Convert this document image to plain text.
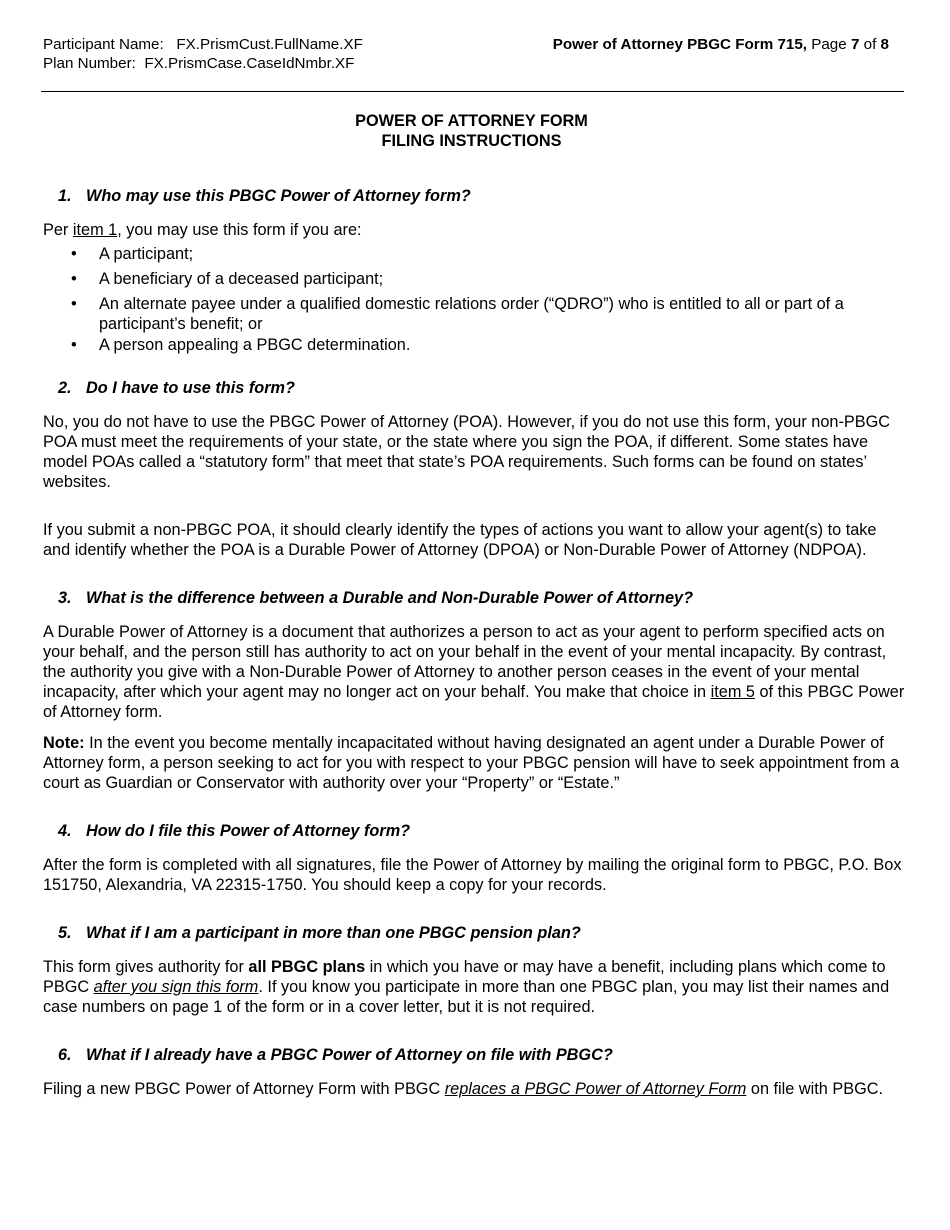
Participant Name: FX.PrismCust.FullName.XF
Plan Number: FX.PrismCase.CaseIdNmbr.XF
Power of Attorney PBGC Form 715, Page 7 of 8
POWER OF ATTORNEY FORM
FILING INSTRUCTIONS
1. Who may use this PBGC Power of Attorney form?

Per item 1, you may use this form if you are:

• A participant;
• A beneficiary of a deceased participant;
• An alternate payee under a qualified domestic relations order (“QDRO”) who is entitled to all or part of a participant’s benefit; or
• A person appealing a PBGC determination.
2. Do I have to use this form?

No, you do not have to use the PBGC Power of Attorney (POA). However, if you do not use this form, your non-PBGC POA must meet the requirements of your state, or the state where you sign the POA, if different. Some states have model POAs called a “statutory form” that meet that state’s POA requirements. Such forms can be found on states’ websites.

If you submit a non-PBGC POA, it should clearly identify the types of actions you want to allow your agent(s) to take and identify whether the POA is a Durable Power of Attorney (DPOA) or Non-Durable Power of Attorney (NDPOA).

3. What is the difference between a Durable and Non-Durable Power of Attorney?

A Durable Power of Attorney is a document that authorizes a person to act as your agent to perform specified acts on your behalf, and the person still has authority to act on your behalf in the event of your mental incapacity. By contrast, the authority you give with a Non-Durable Power of Attorney to another person ceases in the event of your mental incapacity, after which your agent may no longer act on your behalf. You make that choice in item 5 of this PBGC Power of Attorney form.

Note: In the event you become mentally incapacitated without having designated an agent under a Durable Power of Attorney form, a person seeking to act for you with respect to your PBGC pension will have to seek appointment from a court as Guardian or Conservator with authority over your “Property” or “Estate.”

4. How do I file this Power of Attorney form?

After the form is completed with all signatures, file the Power of Attorney by mailing the original form to PBGC, P.O. Box 151750, Alexandria, VA 22315-1750. You should keep a copy for your records.

5. What if I am a participant in more than one PBGC pension plan?

This form gives authority for all PBGC plans in which you have or may have a benefit, including plans which come to PBGC after you sign this form. If you know you participate in more than one PBGC plan, you may list their names and case numbers on page 1 of the form or in a cover letter, but it is not required.

6. What if I already have a PBGC Power of Attorney on file with PBGC?

Filing a new PBGC Power of Attorney Form with PBGC replaces a PBGC Power of Attorney Form on file with PBGC.
